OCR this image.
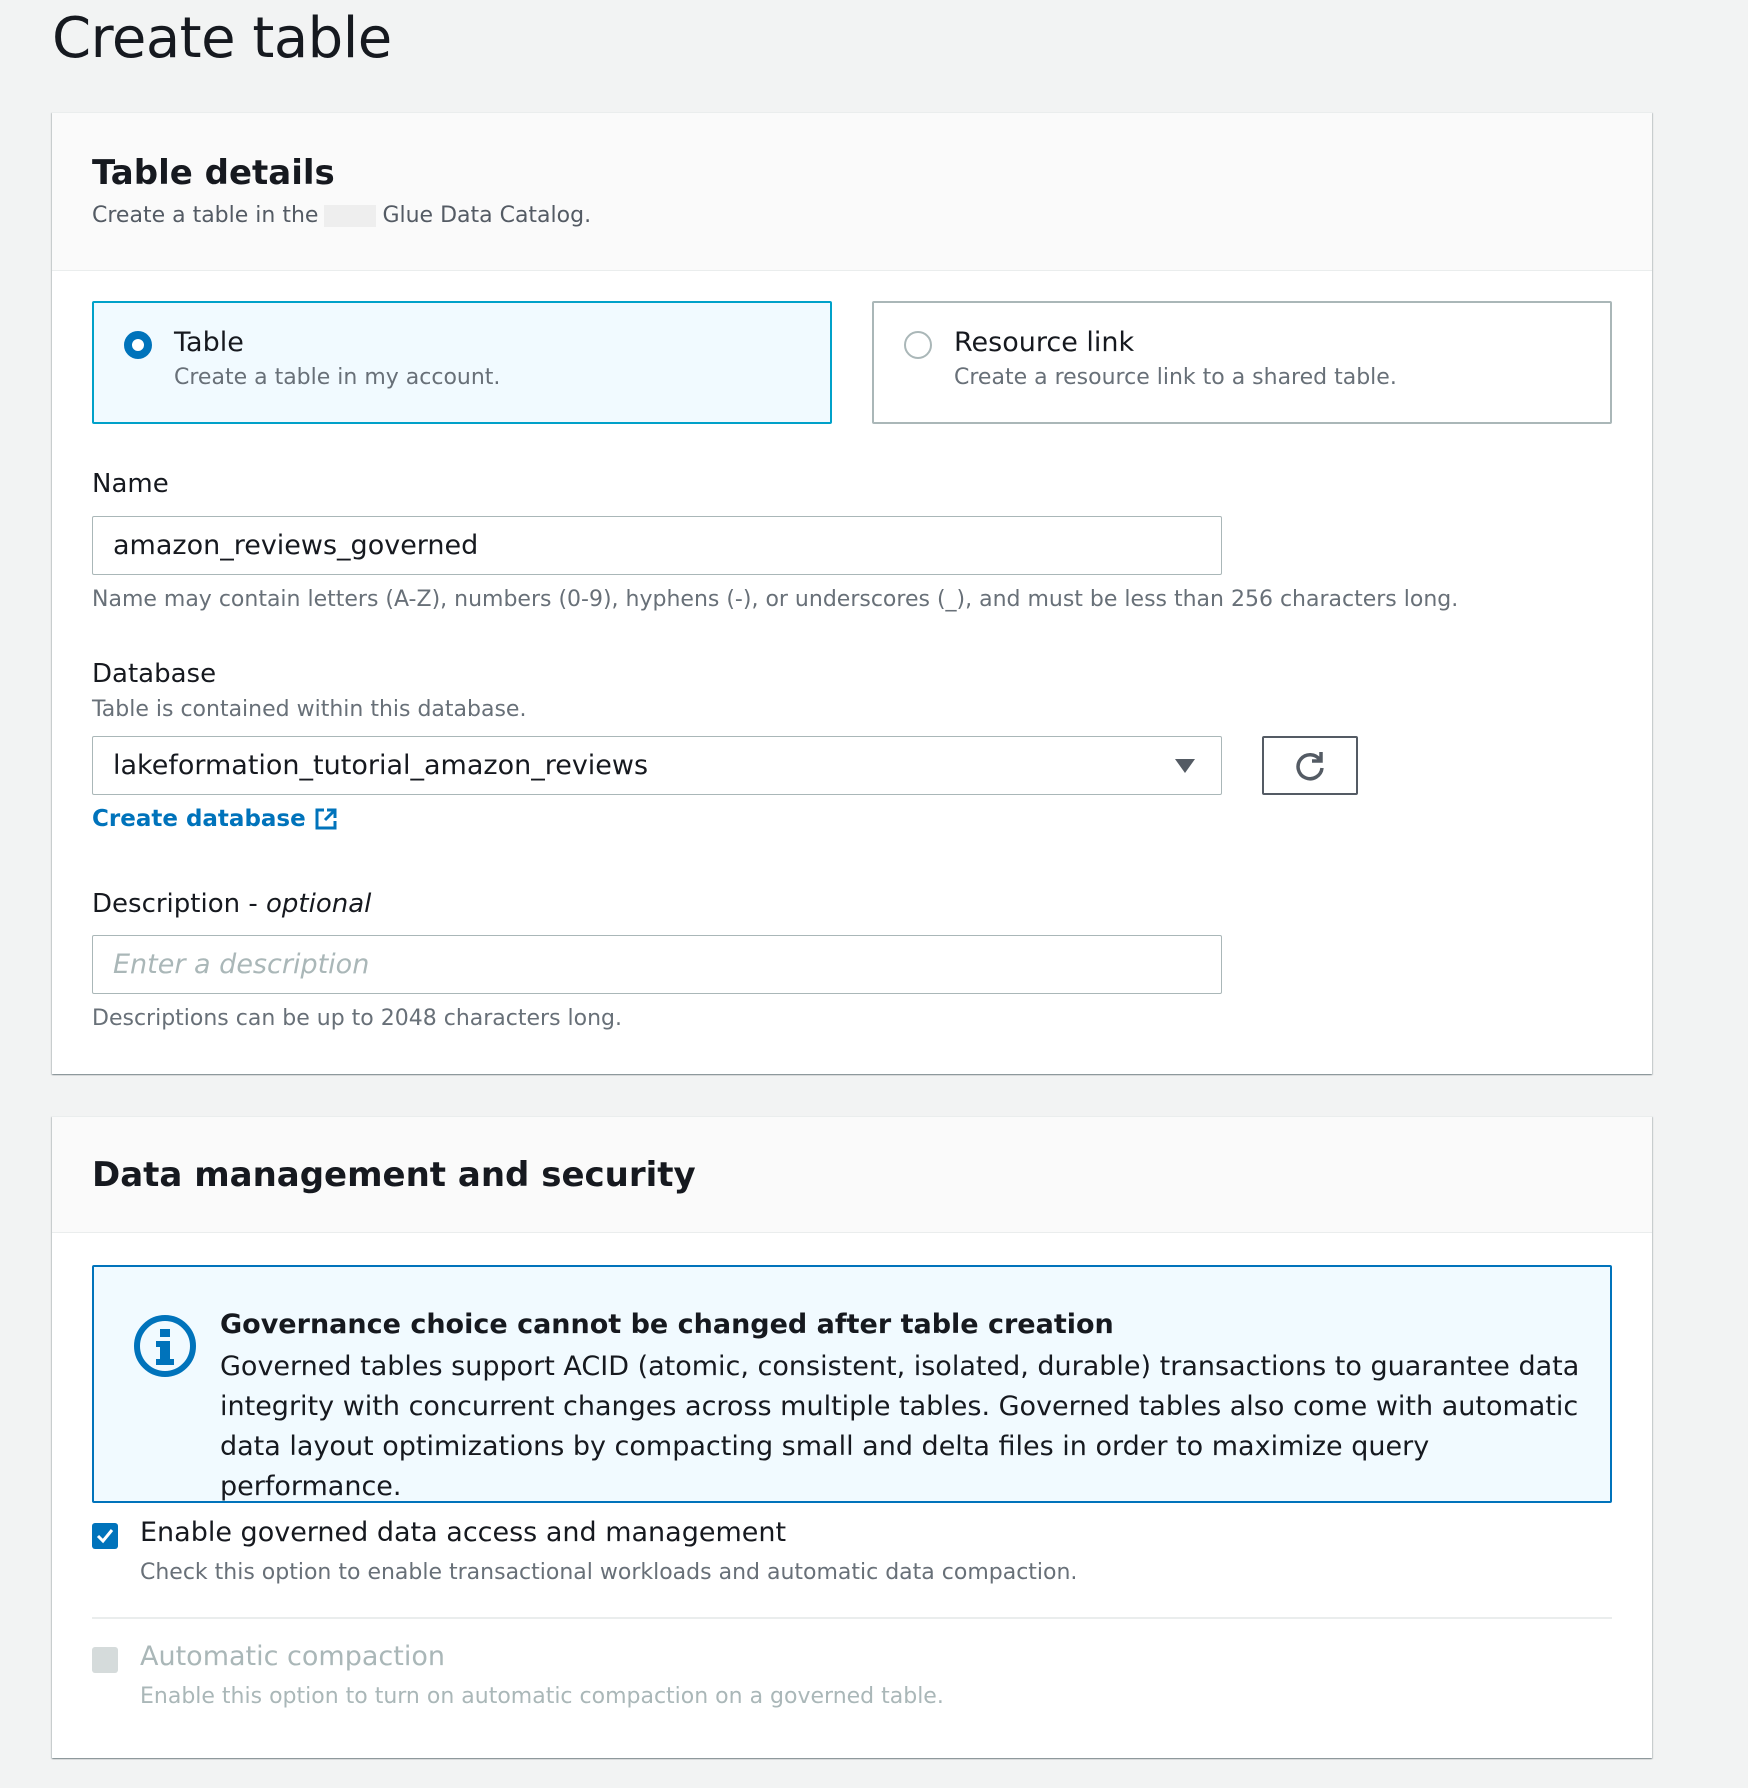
Create table
Table details
Create a table in the	Glue Data Catalog.
Table
Create a table in my account.
Resource link
Create a resource link to a shared table.
Name
amazon_reviews_governed
Name may contain letters (A-Z), numbers (0-9), hyphens (-), or underscores (_), and must be less than 256 characters long.
Database
Table is contained within this database.
lakeformation_tutorial_amazon_reviews
Create database
Description - optional
Enter a description
Descriptions can be up to 2048 characters long.
Data management and security
Governance choice cannot be changed after table creation
Governed tables support ACID (atomic, consistent, isolated, durable) transactions to guarantee data integrity with concurrent changes across multiple tables. Governed tables also come with automatic data layout optimizations by compacting small and delta files in order to maximize query performance.
Enable governed data access and management
Check this option to enable transactional workloads and automatic data compaction.
Automatic compaction
Enable this option to turn on automatic compaction on a governed table.
